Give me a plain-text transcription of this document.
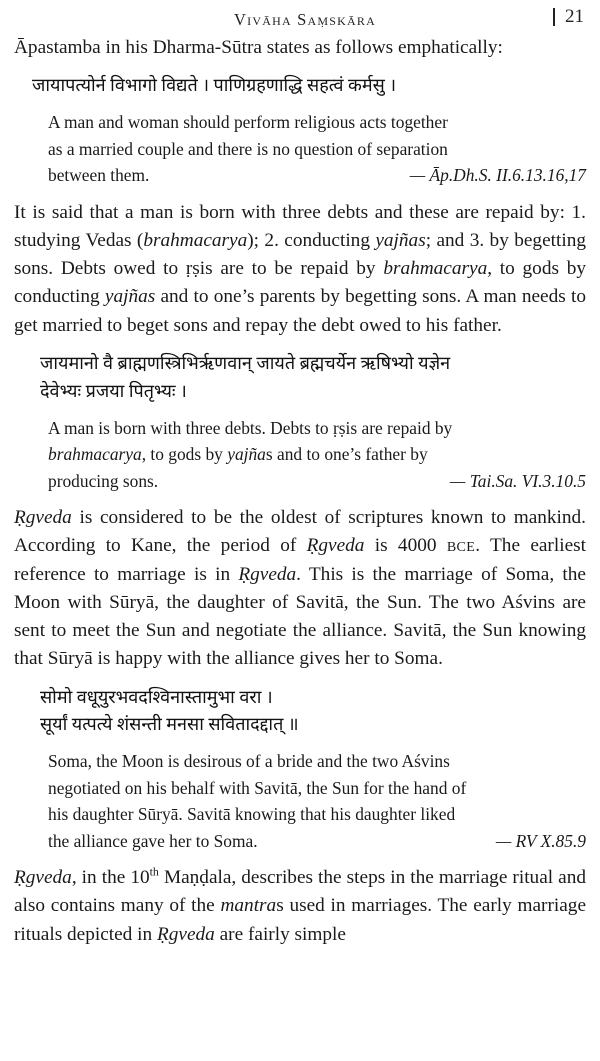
Vivāha Saṃskāra	21

Āpastamba in his Dharma-Sūtra states as follows emphatically:

जायापत्योर्न विभागो विद्यते । पाणिग्रहणाद्धि सहत्वं कर्मसु ।
A man and woman should perform religious acts together
as a married couple and there is no question of separation
between them.	— Āp.Dh.S. II.6.13.16,17

It is said that a man is born with three debts and these are repaid by: 1. studying Vedas (brahmacarya); 2. conducting yajñas; and 3. by begetting sons. Debts owed to ṛṣis are to be repaid by brahmacarya, to gods by conducting yajñas and to one’s parents by begetting sons. A man needs to get married to beget sons and repay the debt owed to his father.

जायमानो वै ब्राह्मणस्त्रिभिरृणवान् जायते ब्रह्मचर्येन ऋषिभ्यो यज्ञेन
देवेभ्यः प्रजया पितृभ्यः ।
A man is born with three debts. Debts to ṛṣis are repaid by
brahmacarya, to gods by yajñas and to one’s father by
producing sons.	— Tai.Sa. VI.3.10.5

Ṛgveda is considered to be the oldest of scriptures known to mankind. According to Kane, the period of Ṛgveda is 4000 bce. The earliest reference to marriage is in Ṛgveda. This is the marriage of Soma, the Moon with Sūryā, the daughter of Savitā, the Sun. The two Aśvins are sent to meet the Sun and negotiate the alliance. Savitā, the Sun knowing that Sūryā is happy with the alliance gives her to Soma.

सोमो वधूयुरभवदश्विनास्तामुभा वरा ।
सूर्यां यत्पत्ये शंसन्ती मनसा सवितादद्दात् ॥
Soma, the Moon is desirous of a bride and the two Aśvins
negotiated on his behalf with Savitā, the Sun for the hand of
his daughter Sūryā. Savitā knowing that his daughter liked
the alliance gave her to Soma.	— RV X.85.9

Ṛgveda, in the 10th Maṇḍala, describes the steps in the marriage ritual and also contains many of the mantras used in marriages. The early marriage rituals depicted in Ṛgveda are fairly simple
